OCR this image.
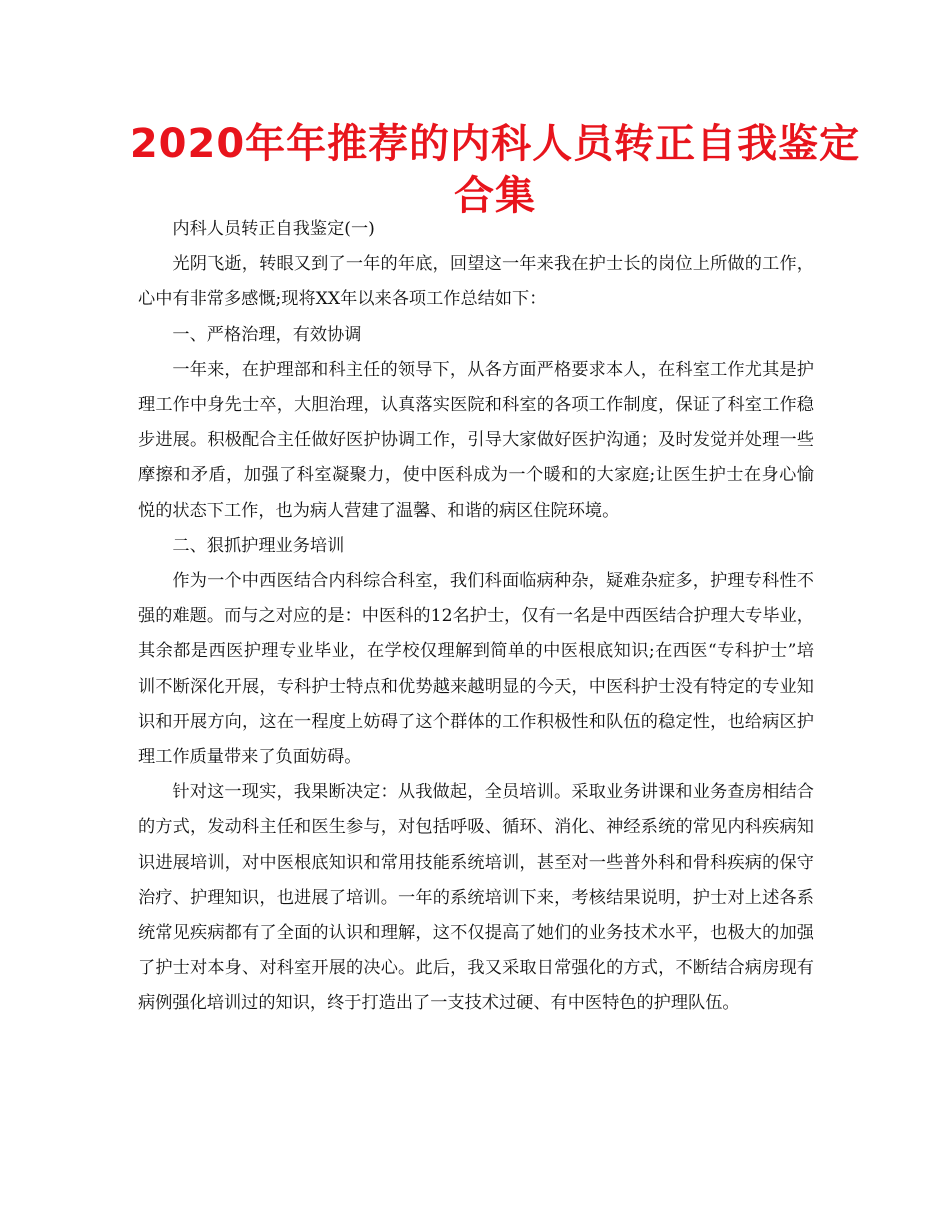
2020年年推荐的内科人员转正自我鉴定合集

内科人员转正自我鉴定(一)

光阴飞逝，转眼又到了一年的年底，回望这一年来我在护士长的岗位上所做的工作，心中有非常多感慨;现将XX年以来各项工作总结如下：

一、严格治理，有效协调

一年来，在护理部和科主任的领导下，从各方面严格要求本人，在科室工作尤其是护理工作中身先士卒，大胆治理，认真落实医院和科室的各项工作制度，保证了科室工作稳步进展。积极配合主任做好医护协调工作，引导大家做好医护沟通；及时发觉并处理一些摩擦和矛盾，加强了科室凝聚力，使中医科成为一个暖和的大家庭;让医生护士在身心愉悦的状态下工作，也为病人营建了温馨、和谐的病区住院环境。

二、狠抓护理业务培训

作为一个中西医结合内科综合科室，我们科面临病种杂，疑难杂症多，护理专科性不强的难题。而与之对应的是：中医科的12名护士，仅有一名是中西医结合护理大专毕业，其余都是西医护理专业毕业，在学校仅理解到简单的中医根底知识;在西医“专科护士”培训不断深化开展，专科护士特点和优势越来越明显的今天，中医科护士没有特定的专业知识和开展方向，这在一程度上妨碍了这个群体的工作积极性和队伍的稳定性，也给病区护理工作质量带来了负面妨碍。

针对这一现实，我果断决定：从我做起，全员培训。采取业务讲课和业务查房相结合的方式，发动科主任和医生参与，对包括呼吸、循环、消化、神经系统的常见内科疾病知识进展培训，对中医根底知识和常用技能系统培训，甚至对一些普外科和骨科疾病的保守治疗、护理知识，也进展了培训。一年的系统培训下来，考核结果说明，护士对上述各系统常见疾病都有了全面的认识和理解，这不仅提高了她们的业务技术水平，也极大的加强了护士对本身、对科室开展的决心。此后，我又采取日常强化的方式，不断结合病房现有病例强化培训过的知识，终于打造出了一支技术过硬、有中医特色的护理队伍。
